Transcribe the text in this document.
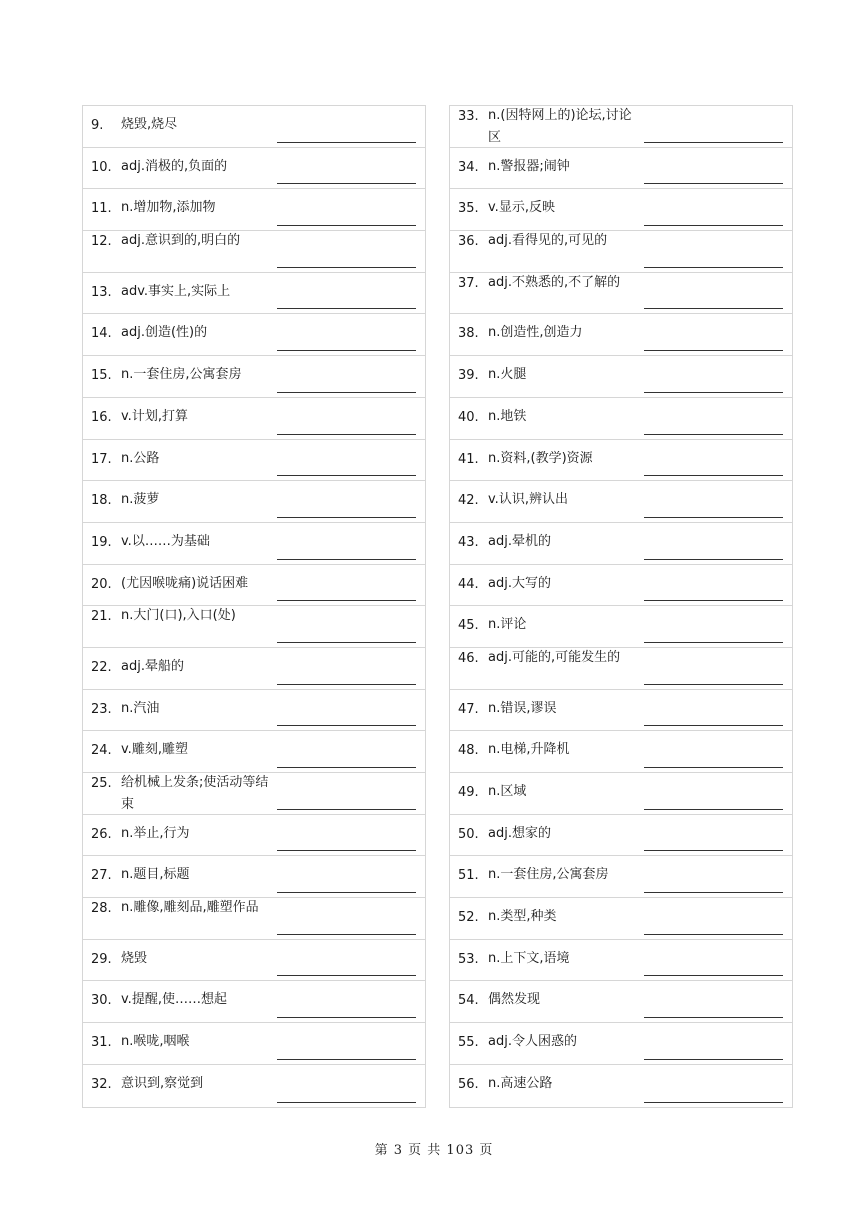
9.	烧毁,烧尽
10. adj.消极的,负面的
11. n.增加物,添加物
12. adj.意识到的,明白的
13. adv.事实上,实际上
14. adj.创造(性)的
15. n.一套住房,公寓套房
16. v.计划,打算
17. n.公路
18. n.菠萝
19. v.以……为基础
20. (尤因喉咙痛)说话困难
21. n.大门(口),入口(处)
22. adj.晕船的
23. n.汽油
24. v.雕刻,雕塑
25. 给机械上发条;使活动等结束
26. n.举止,行为
27. n.题目,标题
28. n.雕像,雕刻品,雕塑作品
29. 烧毁
30. v.提醒,使……想起
31. n.喉咙,咽喉
32. 意识到,察觉到
33. n.(因特网上的)论坛,讨论区
34. n.警报器;闹钟
35. v.显示,反映
36. adj.看得见的,可见的
37. adj.不熟悉的,不了解的
38. n.创造性,创造力
39. n.火腿
40. n.地铁
41. n.资料,(教学)资源
42. v.认识,辨认出
43. adj.晕机的
44. adj.大写的
45. n.评论
46. adj.可能的,可能发生的
47. n.错误,谬误
48. n.电梯,升降机
49. n.区域
50. adj.想家的
51. n.一套住房,公寓套房
52. n.类型,种类
53. n.上下文,语境
54. 偶然发现
55. adj.令人困惑的
56. n.高速公路
第 3 页 共 103 页
